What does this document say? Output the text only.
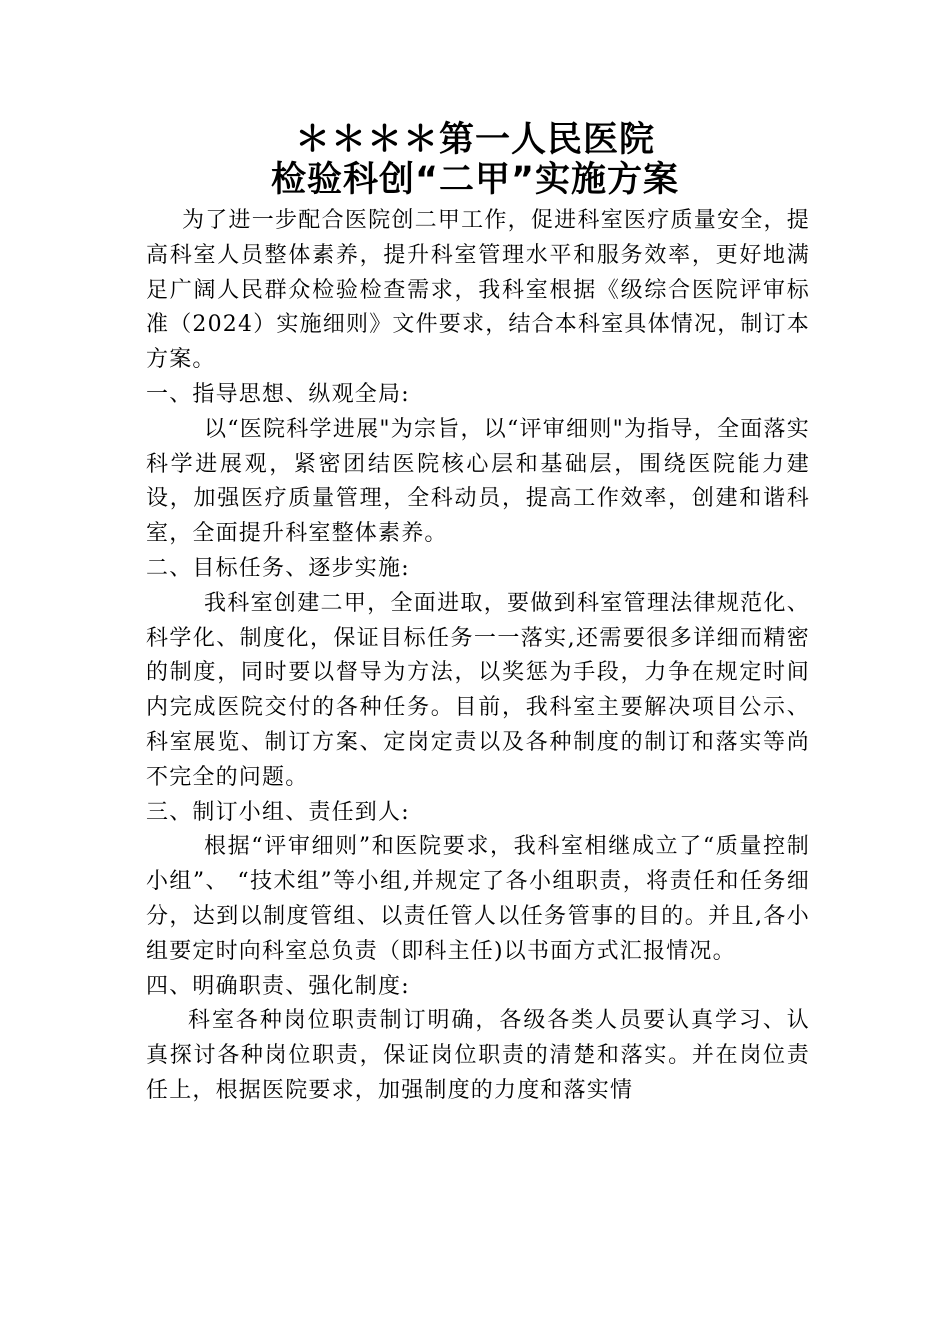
＊＊＊＊第一人民医院
检验科创“二甲”实施方案

为了进一步配合医院创二甲工作，促进科室医疗质量安全，提高科室人员整体素养，提升科室管理水平和服务效率，更好地满足广阔人民群众检验检查需求，我科室根据《级综合医院评审标准（2024）实施细则》文件要求，结合本科室具体情况，制订本方案。

一、指导思想、纵观全局:

以“医院科学进展"为宗旨，以“评审细则"为指导，全面落实科学进展观，紧密团结医院核心层和基础层，围绕医院能力建设，加强医疗质量管理，全科动员，提高工作效率，创建和谐科室，全面提升科室整体素养。

二、目标任务、逐步实施:

我科室创建二甲，全面进取，要做到科室管理法律规范化、科学化、制度化，保证目标任务一一落实,还需要很多详细而精密的制度，同时要以督导为方法，以奖惩为手段，力争在规定时间内完成医院交付的各种任务。目前，我科室主要解决项目公示、科室展览、制订方案、定岗定责以及各种制度的制订和落实等尚不完全的问题。

三、制订小组、责任到人:

根据“评审细则”和医院要求，我科室相继成立了“质量控制小组”、 “技术组”等小组,并规定了各小组职责，将责任和任务细分，达到以制度管组、以责任管人以任务管事的目的。并且,各小组要定时向科室总负责（即科主任)以书面方式汇报情况。

四、明确职责、强化制度:

科室各种岗位职责制订明确，各级各类人员要认真学习、认真探讨各种岗位职责，保证岗位职责的清楚和落实。并在岗位责任上，根据医院要求，加强制度的力度和落实情
